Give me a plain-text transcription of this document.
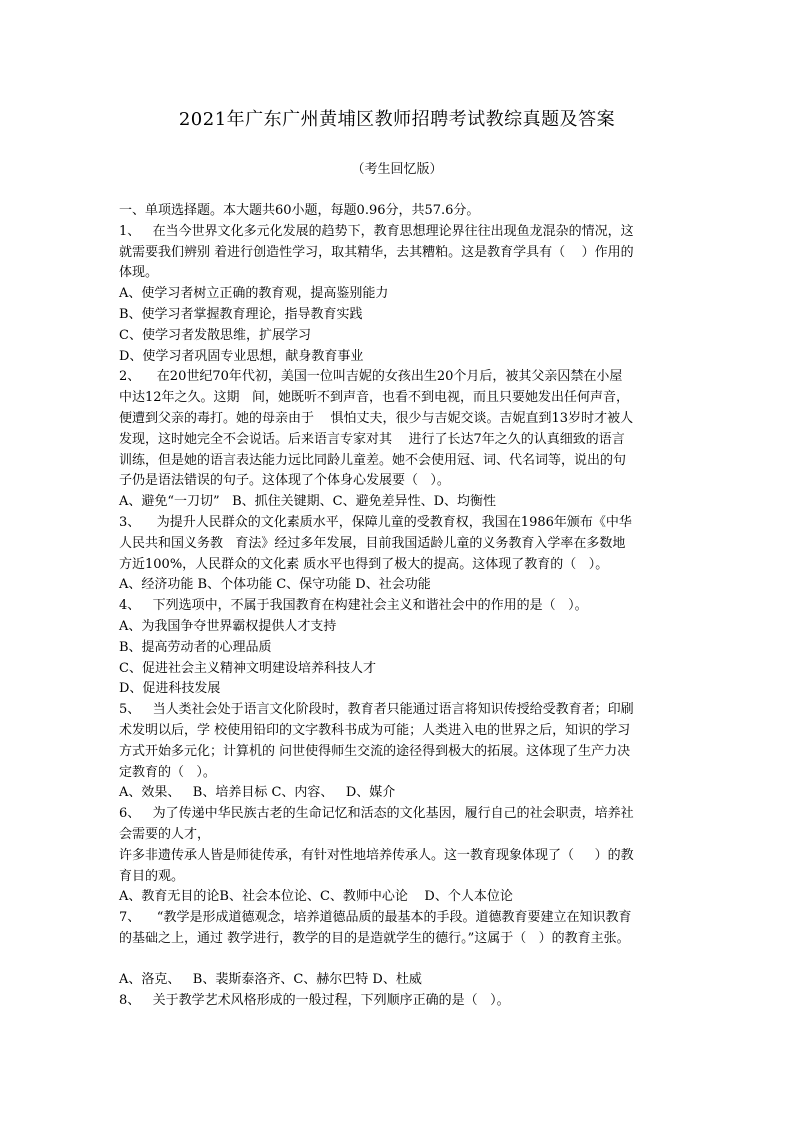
2021年广东广州黄埔区教师招聘考试教综真题及答案
（考生回忆版）

一、单项选择题。本大题共60小题，每题0.96分，共57.6分。

1、   在当今世界文化多元化发展的趋势下，教育思想理论界往往出现鱼龙混杂的情况，这

就需要我们辨别 着进行创造性学习，取其精华，去其糟粕。这是教育学具有（    ）作用的

体现。

A、使学习者树立正确的教育观，提高鉴别能力

B、使学习者掌握教育理论，指导教育实践

C、使学习者发散思维，扩展学习

D、使学习者巩固专业思想，献身教育事业

2、    在20世纪70年代初，美国一位叫吉妮的女孩出生20个月后，被其父亲囚禁在小屋

中达12年之久。这期   间，她既听不到声音，也看不到电视，而且只要她发出任何声音，

便遭到父亲的毒打。她的母亲由于    惧怕丈夫，很少与吉妮交谈。吉妮直到13岁时才被人

发现，这时她完全不会说话。后来语言专家对其    进行了长达7年之久的认真细致的语言

训练，但是她的语言表达能力远比同龄儿童差。她不会使用冠、词、代名词等，说出的句

子仍是语法错误的句子。这体现了个体身心发展要（   ）。

A、避免“一刀切”   B、抓住关键期、C、避免差异性、D、均衡性

3、    为提升人民群众的文化素质水平，保障儿童的受教育权，我国在1986年颁布《中华

人民共和国义务教   育法》经过多年发展，目前我国适龄儿童的义务教育入学率在多数地

方近100%，人民群众的文化素 质水平也得到了极大的提高。这体现了教育的（   ）。

A、经济功能 B、个体功能 C、保守功能 D、社会功能

4、   下列选项中，不属于我国教育在构建社会主义和谐社会中的作用的是（   ）。

A、为我国争夺世界霸权提供人才支持

B、提高劳动者的心理品质

C、促进社会主义精神文明建设培养科技人才

D、促进科技发展

5、   当人类社会处于语言文化阶段时，教育者只能通过语言将知识传授给受教育者；印刷

术发明以后，学 校使用铅印的文字教科书成为可能；人类进入电的世界之后，知识的学习

方式开始多元化；计算机的 问世使得师生交流的途径得到极大的拓展。这体现了生产力决

定教育的（   ）。

A、效果、   B、培养目标 C、内容、   D、媒介

6、   为了传递中华民族古老的生命记忆和活态的文化基因，履行自己的社会职责，培养社

会需要的人才，

许多非遗传承人皆是师徒传承，有针对性地培养传承人。这一教育现象体现了（     ）的教

育目的观。

A、教育无目的论B、社会本位论、C、教师中心论    D、个人本位论

7、    “教学是形成道德观念，培养道德品质的最基本的手段。道德教育要建立在知识教育

的基础之上，通过 教学进行，教学的目的是造就学生的德行。”这属于（   ）的教育主张。

A、洛克、   B、裴斯泰洛齐、C、赫尔巴特 D、杜威

8、   关于教学艺术风格形成的一般过程，下列顺序正确的是（   ）。
